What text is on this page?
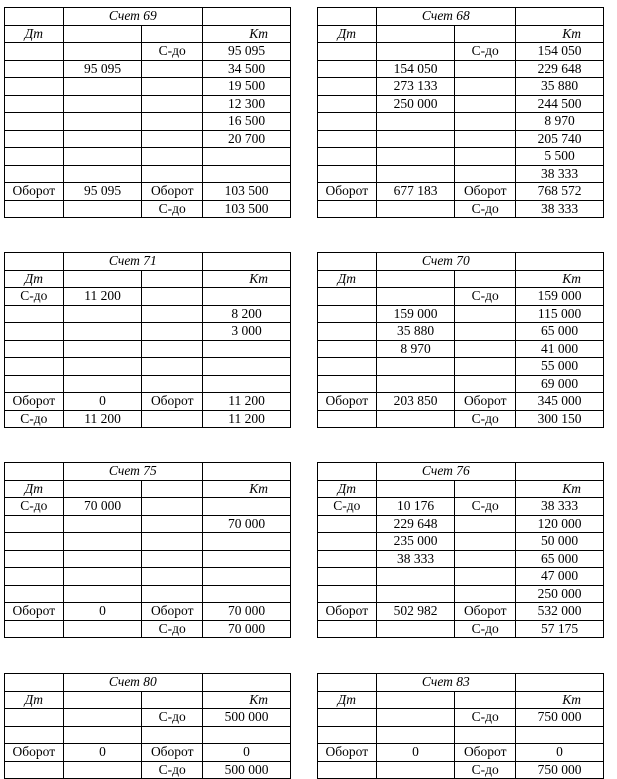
	Счет 69		
Дт			Кт
		С-до	95 095
	95 095		34 500
			19 500
			12 300
			16 500
			20 700

Оборот	95 095	Оборот	103 500
		С-до	103 500
	Счет 68		
Дт			Кт
		С-до	154 050
	154 050		229 648
	273 133		35 880
	250 000		244 500
			8 970
			205 740
			5 500
			38 333
Оборот	677 183	Оборот	768 572
		С-до	38 333
	Счет 71		
Дт			Кт
С-до	11 200		
			8 200
			3 000

Оборот	0	Оборот	11 200
С-до	11 200		11 200
	Счет 70		
Дт			Кт
		С-до	159 000
	159 000		115 000
	35 880		65 000
	8 970		41 000
			55 000
			69 000
Оборот	203 850	Оборот	345 000
		С-до	300 150
	Счет 75		
Дт			Кт
С-до	70 000		
			70 000

Оборот	0	Оборот	70 000
		С-до	70 000
	Счет 76		
Дт			Кт
С-до	10 176	С-до	38 333
	229 648		120 000
	235 000		50 000
	38 333		65 000
			47 000
			250 000
Оборот	502 982	Оборот	532 000
		С-до	57 175
	Счет 80		
Дт			Кт
		С-до	500 000

Оборот	0	Оборот	0
		С-до	500 000
	Счет 83		
Дт			Кт
		С-до	750 000

Оборот	0	Оборот	0
		С-до	750 000
